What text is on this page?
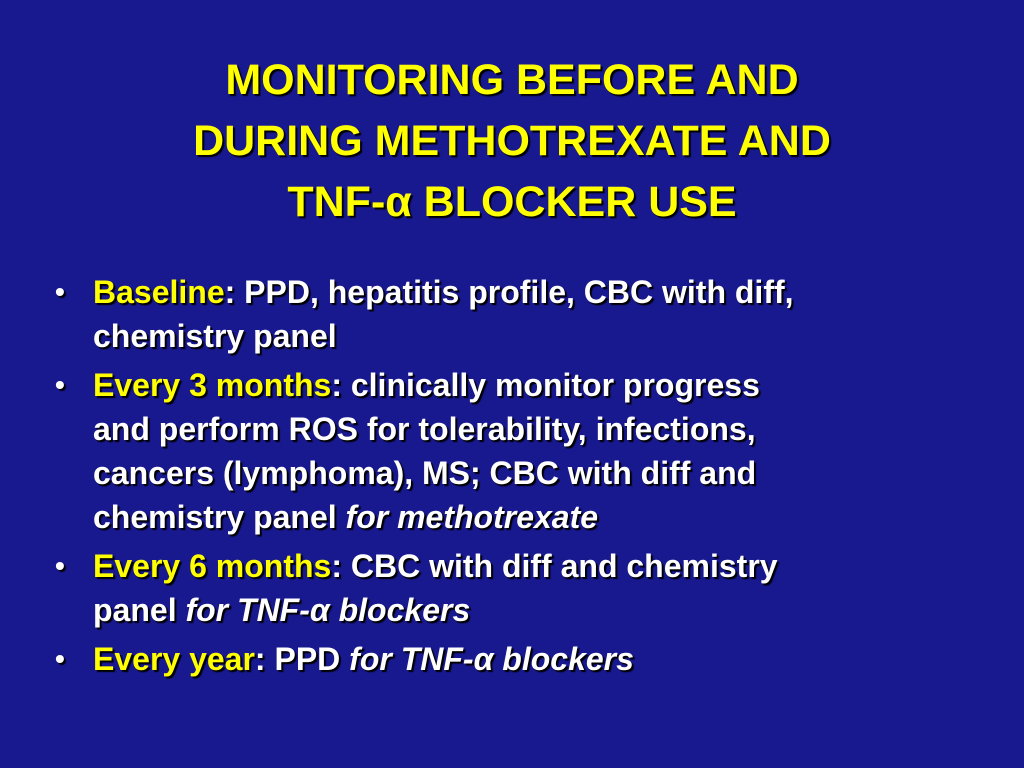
MONITORING BEFORE AND
DURING METHOTREXATE AND
TNF-α BLOCKER USE
• Baseline: PPD, hepatitis profile, CBC with diff,
chemistry panel
• Every 3 months: clinically monitor progress
and perform ROS for tolerability, infections,
cancers (lymphoma), MS; CBC with diff and
chemistry panel for methotrexate
• Every 6 months: CBC with diff and chemistry
panel for TNF-α blockers
• Every year: PPD for TNF-α blockers
